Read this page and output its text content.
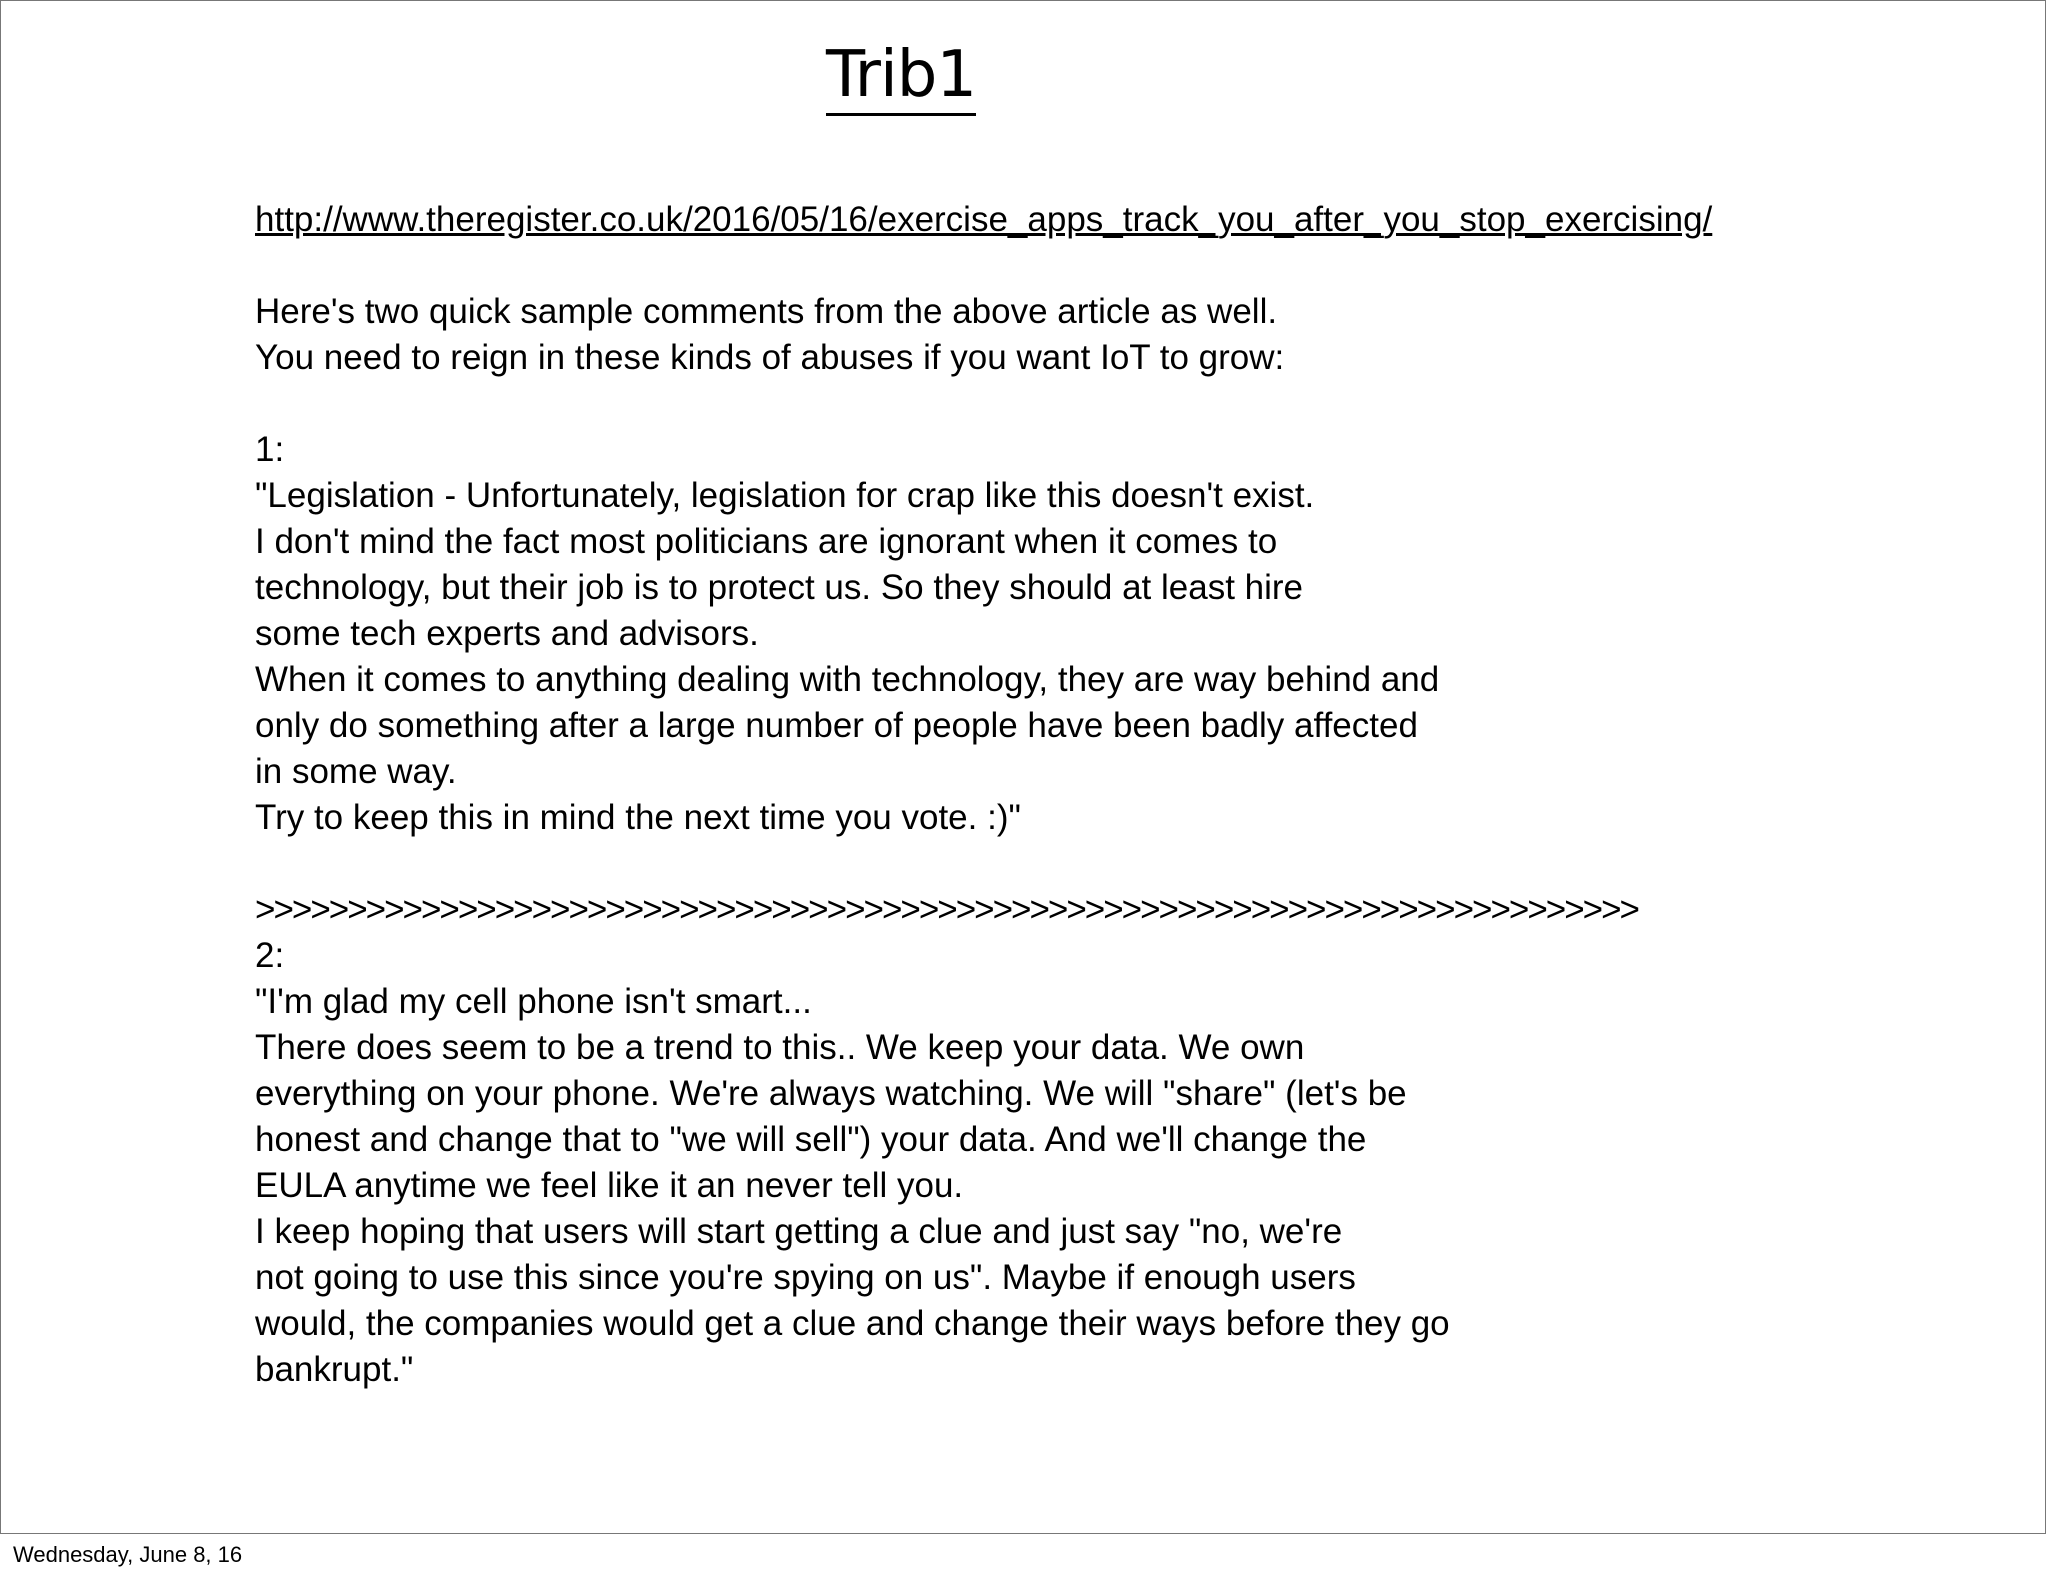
Trib1

http://www.theregister.co.uk/2016/05/16/exercise_apps_track_you_after_you_stop_exercising/

Here's two quick sample comments from the above article as well.

You need to reign in these kinds of abuses if you want IoT to grow:

1:

"Legislation - Unfortunately, legislation for crap like this doesn't exist.

I don't mind the fact most politicians are ignorant when it comes to

technology, but their job is to protect us. So they should at least hire

some tech experts and advisors.

When it comes to anything dealing with technology, they are way behind and

only do something after a large number of people have been badly affected

in some way.

Try to keep this in mind the next time you vote. :)"

>>>>>>>>>>>>>>>>>>>>>>>>>>>>>>>>>>>>>>>>>>>>>>>>>>>>>>>>>>>>>>>>>>>>>>>>>>>

2:

"I'm glad my cell phone isn't smart...

There does seem to be a trend to this.. We keep your data. We own

everything on your phone. We're always watching. We will "share" (let's be

honest and change that to "we will sell") your data. And we'll change the

EULA anytime we feel like it an never tell you.

I keep hoping that users will start getting a clue and just say "no, we're

not going to use this since you're spying on us". Maybe if enough users

would, the companies would get a clue and change their ways before they go

bankrupt."

Wednesday, June 8, 16
